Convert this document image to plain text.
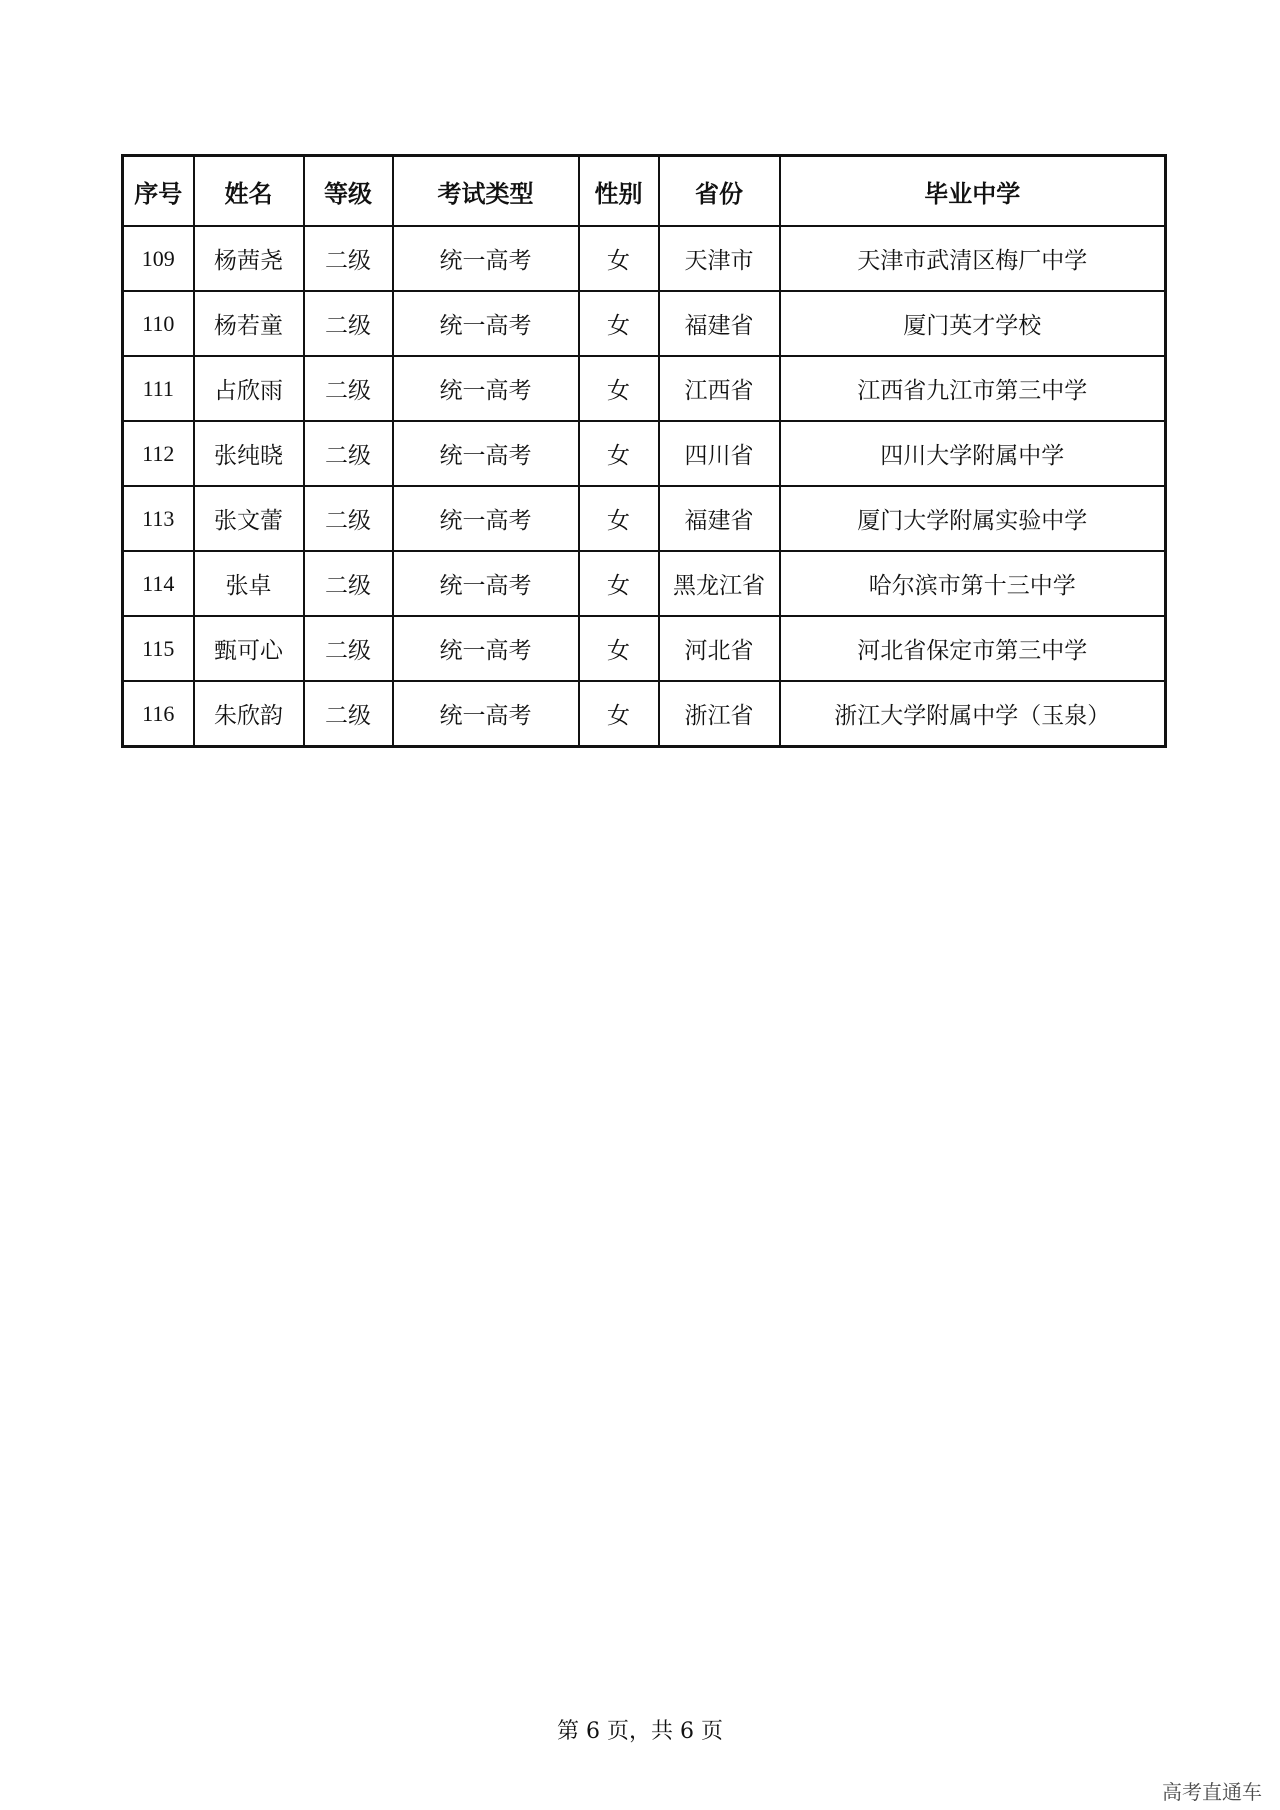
序号	姓名	等级	考试类型	性别	省份	毕业中学
109	杨茜尧	二级	统一高考	女	天津市	天津市武清区梅厂中学
110	杨若童	二级	统一高考	女	福建省	厦门英才学校
111	占欣雨	二级	统一高考	女	江西省	江西省九江市第三中学
112	张纯晓	二级	统一高考	女	四川省	四川大学附属中学
113	张文蕾	二级	统一高考	女	福建省	厦门大学附属实验中学
114	张卓	二级	统一高考	女	黑龙江省	哈尔滨市第十三中学
115	甄可心	二级	统一高考	女	河北省	河北省保定市第三中学
116	朱欣韵	二级	统一高考	女	浙江省	浙江大学附属中学（玉泉）
第 6 页，共 6 页
高考直通车
